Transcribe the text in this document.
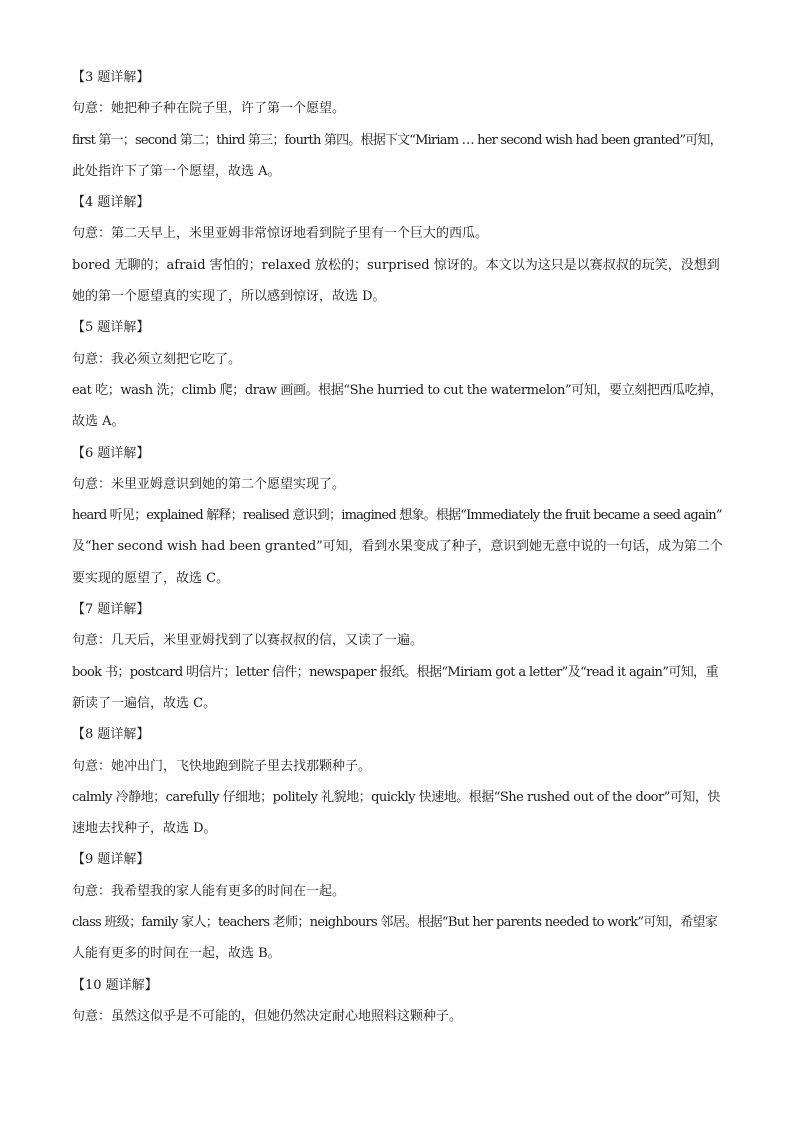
【3 题详解】
句意：她把种子种在院子里，许了第一个愿望。
first 第一；second 第二；third 第三；fourth 第四。根据下文“Miriam … her second wish had been granted”可知，
此处指许下了第一个愿望，故选 A。
【4 题详解】
句意：第二天早上，米里亚姆非常惊讶地看到院子里有一个巨大的西瓜。
bored 无聊的；afraid 害怕的；relaxed 放松的；surprised 惊讶的。本文以为这只是以赛叔叔的玩笑，没想到
她的第一个愿望真的实现了，所以感到惊讶，故选 D。
【5 题详解】
句意：我必须立刻把它吃了。
eat 吃；wash 洗；climb 爬；draw 画画。根据“She hurried to cut the watermelon”可知，要立刻把西瓜吃掉，
故选 A。
【6 题详解】
句意：米里亚姆意识到她的第二个愿望实现了。
heard 听见；explained 解释；realised 意识到；imagined 想象。根据“Immediately the fruit became a seed again”
及“her second wish had been granted”可知，看到水果变成了种子，意识到她无意中说的一句话，成为第二个
要实现的愿望了，故选 C。
【7 题详解】
句意：几天后，米里亚姆找到了以赛叔叔的信，又读了一遍。
book 书；postcard 明信片；letter 信件；newspaper 报纸。根据“Miriam got a letter”及“read it again”可知，重
新读了一遍信，故选 C。
【8 题详解】
句意：她冲出门，飞快地跑到院子里去找那颗种子。
calmly 冷静地；carefully 仔细地；politely 礼貌地；quickly 快速地。根据“She rushed out of the door”可知，快
速地去找种子，故选 D。
【9 题详解】
句意：我希望我的家人能有更多的时间在一起。
class 班级；family 家人；teachers 老师；neighbours 邻居。根据“But her parents needed to work”可知，希望家
人能有更多的时间在一起，故选 B。
【10 题详解】
句意：虽然这似乎是不可能的，但她仍然决定耐心地照料这颗种子。
